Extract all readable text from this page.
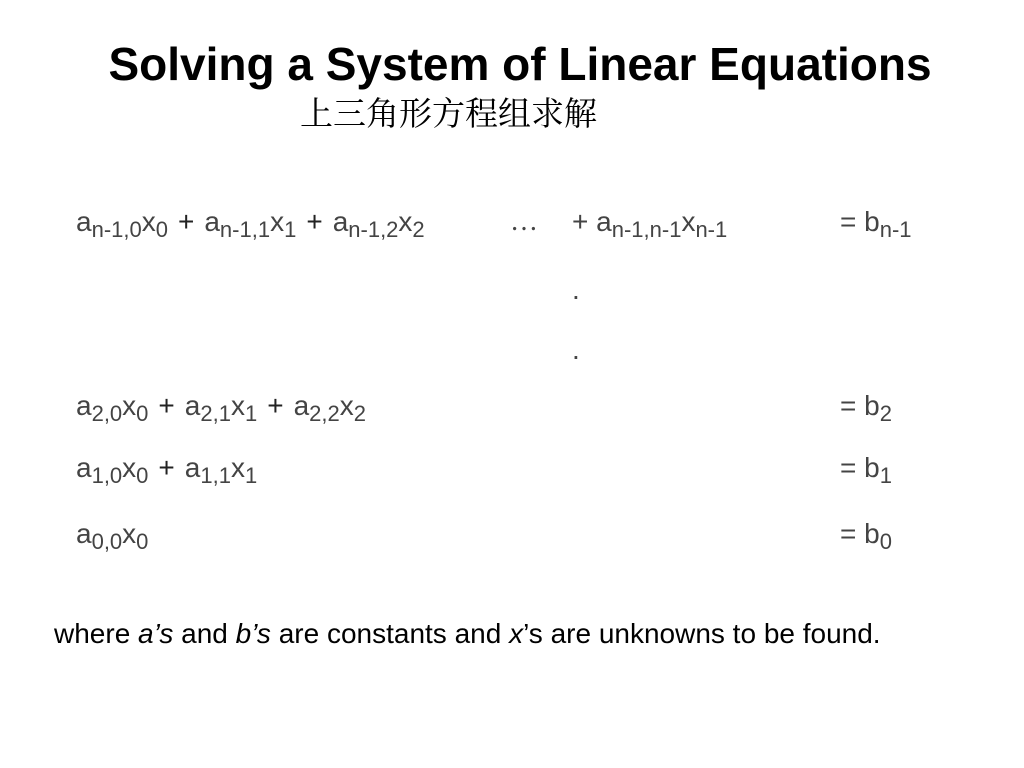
Solving a System of Linear Equations
上三角形方程组求解
$a_{n-1,0}x_0 + a_{n-1,1}x_1 + a_{n-1,2}x_2$	… + $a_{n-1,n-1}x_{n-1}$	= $b_{n-1}$
.
.
$a_{2,0}x_0 + a_{2,1}x_1 + a_{2,2}x_2$	= $b_2$
$a_{1,0}x_0 + a_{1,1}x_1$	= $b_1$
$a_{0,0}x_0$	= $b_0$
where a’s and b’s are constants and x’s are unknowns to be found.
